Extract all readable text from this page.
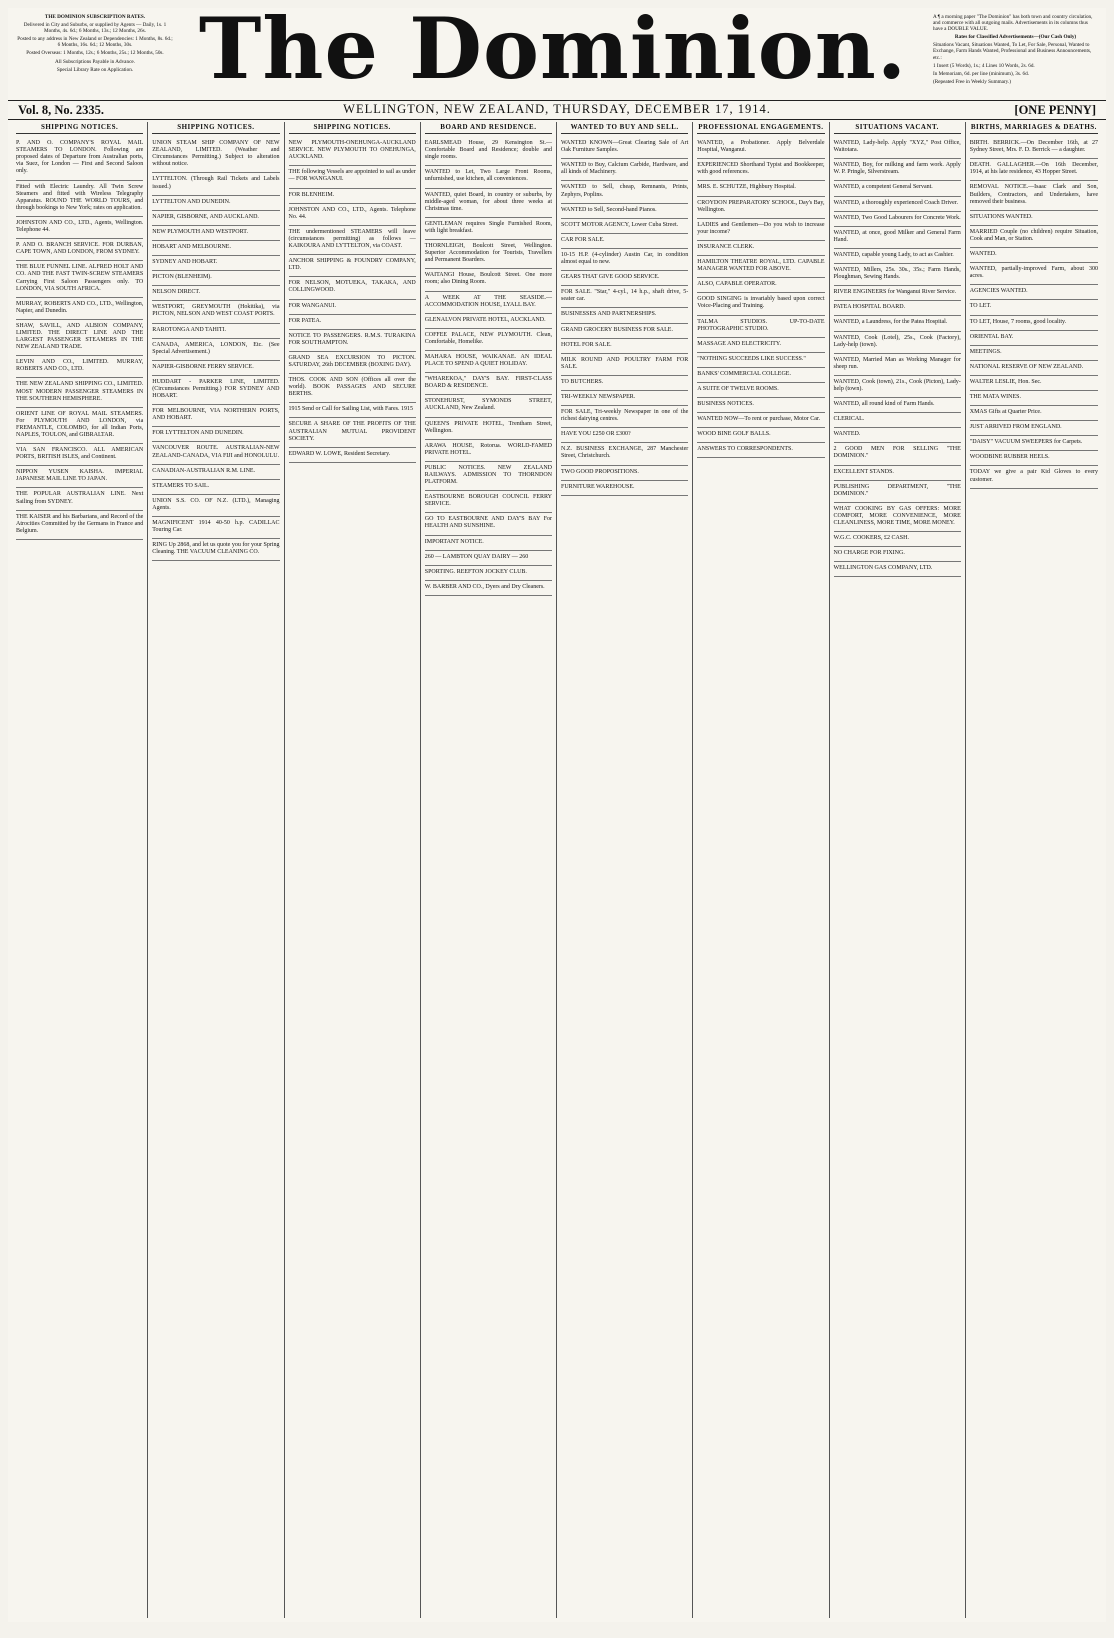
THE DOMINION SUBSCRIPTION RATES.

Delivered in City and Suburbs, or supplied by Agents — Daily, 1s. 1 Months, 4s. 6d.; 6 Months, 13s.; 12 Months, 26s.

Posted to any address in New Zealand or Dependencies: 1 Months, 8s. 6d.; 6 Months, 16s. 6d.; 12 Months, 30s.

Posted Overseas: 1 Months, 12s.; 6 Months, 25s.; 12 Months, 50s.

All Subscriptions Payable in Advance.

Special Library Rate on Application. The Dominion.	A ¶ a morning paper "The Dominion" has both town and country circulation, and commerce with all outgoing mails. Advertisements in its columns thus have a DOUBLE VALUE.

Rates for Classified Advertisements—(Our Cash Only)

Situations Vacant, Situations Wanted, To Let, For Sale, Personal, Wanted to Exchange, Farm Hands Wanted, Professional and Business Announcements, etc.:

1 Insert (5 Words), 1s.; 4 Lines 10 Words, 2s. 6d.

In Memoriam, 6d. per line (minimum), 3s. 6d.

(Repeated Free in Weekly Summary.)

Vol. 8, No. 2335.	WELLINGTON, NEW ZEALAND, THURSDAY, DECEMBER 17, 1914.	[ONE PENNY]
SHIPPING NOTICES.

P. AND O. COMPANY'S ROYAL MAIL STEAMERS TO LONDON. Following are proposed dates of Departure from Australian ports, via Suez, for London — First and Second Saloon only.

Fitted with Electric Laundry. All Twin Screw Steamers and fitted with Wireless Telegraphy Apparatus. ROUND THE WORLD TOURS, and through bookings to New York; rates on application.

JOHNSTON AND CO., LTD., Agents, Wellington. Telephone 44.

P. AND O. BRANCH SERVICE. FOR DURBAN, CAPE TOWN, AND LONDON, FROM SYDNEY.

THE BLUE FUNNEL LINE. ALFRED HOLT AND CO. AND THE FAST TWIN-SCREW STEAMERS Carrying First Saloon Passengers only. TO LONDON, VIA SOUTH AFRICA.

MURRAY, ROBERTS AND CO., LTD., Wellington, Napier, and Dunedin.

SHAW, SAVILL, AND ALBION COMPANY, LIMITED. THE DIRECT LINE AND THE LARGEST PASSENGER STEAMERS IN THE NEW ZEALAND TRADE.

LEVIN AND CO., LIMITED. MURRAY, ROBERTS AND CO., LTD.

THE NEW ZEALAND SHIPPING CO., LIMITED. MOST MODERN PASSENGER STEAMERS IN THE SOUTHERN HEMISPHERE.

ORIENT LINE OF ROYAL MAIL STEAMERS. For PLYMOUTH AND LONDON, via FREMANTLE, COLOMBO, for all Indian Ports, NAPLES, TOULON, and GIBRALTAR.

VIA SAN FRANCISCO. ALL AMERICAN PORTS, BRITISH ISLES, and Continent.

NIPPON YUSEN KAISHA. IMPERIAL JAPANESE MAIL LINE TO JAPAN.

THE POPULAR AUSTRALIAN LINE. Next Sailing from SYDNEY.

THE KAISER and his Barbarians, and Record of the Atrocities Committed by the Germans in France and Belgium.

SHIPPING NOTICES.

UNION STEAM SHIP COMPANY OF NEW ZEALAND, LIMITED. (Weather and Circumstances Permitting.) Subject to alteration without notice.

LYTTELTON. (Through Rail Tickets and Labels issued.)

LYTTELTON AND DUNEDIN.

NAPIER, GISBORNE, AND AUCKLAND.

NEW PLYMOUTH AND WESTPORT.

HOBART AND MELBOURNE.

SYDNEY AND HOBART.

PICTON (BLENHEIM).

NELSON DIRECT.

WESTPORT, GREYMOUTH (Hokitika), via PICTON, NELSON AND WEST COAST PORTS.

RAROTONGA AND TAHITI.

CANADA, AMERICA, LONDON, Etc. (See Special Advertisement.)

NAPIER-GISBORNE FERRY SERVICE.

HUDDART - PARKER LINE, LIMITED. (Circumstances Permitting.) FOR SYDNEY AND HOBART.

FOR MELBOURNE, VIA NORTHERN PORTS, AND HOBART.

FOR LYTTELTON AND DUNEDIN.

VANCOUVER ROUTE. AUSTRALIAN-NEW ZEALAND-CANADA, VIA FIJI and HONOLULU.

CANADIAN-AUSTRALIAN R.M. LINE.

STEAMERS TO SAIL.

UNION S.S. CO. OF N.Z. (LTD.), Managing Agents.

MAGNIFICENT 1914 40-50 h.p. CADILLAC Touring Car.

RING Up 2868, and let us quote you for your Spring Cleaning. THE VACUUM CLEANING CO.

SHIPPING NOTICES.

NEW PLYMOUTH-ONEHUNGA-AUCKLAND SERVICE. NEW PLYMOUTH TO ONEHUNGA, AUCKLAND.

THE following Vessels are appointed to sail as under — FOR WANGANUI.

FOR BLENHEIM.

JOHNSTON AND CO., LTD., Agents. Telephone No. 44.

THE undermentioned STEAMERS will leave (circumstances permitting) as follows — KAIKOURA AND LYTTELTON, via COAST.

ANCHOR SHIPPING & FOUNDRY COMPANY, LTD.

FOR NELSON, MOTUEKA, TAKAKA, AND COLLINGWOOD.

FOR WANGANUI.

FOR PATEA.

NOTICE TO PASSENGERS. R.M.S. TURAKINA FOR SOUTHAMPTON.

GRAND SEA EXCURSION TO PICTON. SATURDAY, 26th DECEMBER (BOXING DAY).

THOS. COOK AND SON (Offices all over the world). BOOK PASSAGES AND SECURE BERTHS.

1915 Send or Call for Sailing List, with Fares. 1915

SECURE A SHARE OF THE PROFITS OF THE AUSTRALIAN MUTUAL PROVIDENT SOCIETY.

EDWARD W. LOWE, Resident Secretary.

BOARD AND RESIDENCE.

EARLSMEAD House, 29 Kensington St.—Comfortable Board and Residence; double and single rooms.

WANTED to Let, Two Large Front Rooms, unfurnished, use kitchen, all conveniences.

WANTED, quiet Board, in country or suburbs, by middle-aged woman, for about three weeks at Christmas time.

GENTLEMAN requires Single Furnished Room, with light breakfast.

THORNLEIGH, Boulcott Street, Wellington. Superior Accommodation for Tourists, Travellers and Permanent Boarders.

WAITANGI House, Boulcott Street. One more room; also Dining Room.

A WEEK AT THE SEASIDE.—ACCOMMODATION HOUSE, LYALL BAY.

GLENALVON PRIVATE HOTEL, AUCKLAND.

COFFEE PALACE, NEW PLYMOUTH. Clean, Comfortable, Homelike.

MAHARA HOUSE, WAIKANAE. AN IDEAL PLACE TO SPEND A QUIET HOLIDAY.

"WHAREKOA," DAY'S BAY. FIRST-CLASS BOARD & RESIDENCE.

STONEHURST, SYMONDS STREET, AUCKLAND, New Zealand.

QUEEN'S PRIVATE HOTEL, Trentham Street, Wellington.

ARAWA HOUSE, Rotorua. WORLD-FAMED PRIVATE HOTEL.

PUBLIC NOTICES. NEW ZEALAND RAILWAYS. ADMISSION TO THORNDON PLATFORM.

EASTBOURNE BOROUGH COUNCIL FERRY SERVICE.

GO TO EASTBOURNE AND DAY'S BAY For HEALTH AND SUNSHINE.

IMPORTANT NOTICE.

260 — LAMBTON QUAY DAIRY — 260

SPORTING. REEFTON JOCKEY CLUB.

W. BARBER AND CO., Dyers and Dry Cleaners.

WANTED TO BUY AND SELL.

WANTED KNOWN—Great Clearing Sale of Art Oak Furniture Samples.

WANTED to Buy, Calcium Carbide, Hardware, and all kinds of Machinery.

WANTED to Sell, cheap, Remnants, Prints, Zephyrs, Poplins.

WANTED to Sell, Second-hand Pianos.

SCOTT MOTOR AGENCY, Lower Cuba Street.

CAR FOR SALE.

10-15 H.P. (4-cylinder) Austin Car, in condition almost equal to new.

GEARS THAT GIVE GOOD SERVICE.

FOR SALE. "Star," 4-cyl., 14 h.p., shaft drive, 5-seater car.

BUSINESSES AND PARTNERSHIPS.

GRAND GROCERY BUSINESS FOR SALE.

HOTEL FOR SALE.

MILK ROUND AND POULTRY FARM FOR SALE.

TO BUTCHERS.

TRI-WEEKLY NEWSPAPER.

FOR SALE, Tri-weekly Newspaper in one of the richest dairying centres.

HAVE YOU £250 OR £300?

N.Z. BUSINESS EXCHANGE, 287 Manchester Street, Christchurch.

TWO GOOD PROPOSITIONS.

FURNITURE WAREHOUSE.

PROFESSIONAL ENGAGEMENTS.

WANTED, a Probationer. Apply Belverdale Hospital, Wanganui.

EXPERIENCED Shorthand Typist and Bookkeeper, with good references.

MRS. E. SCHUTZE, Highbury Hospital.

CROYDON PREPARATORY SCHOOL, Day's Bay, Wellington.

LADIES and Gentlemen—Do you wish to increase your income?

INSURANCE CLERK.

HAMILTON THEATRE ROYAL, LTD. CAPABLE MANAGER WANTED FOR ABOVE.

ALSO, CAPABLE OPERATOR.

GOOD SINGING is invariably based upon correct Voice-Placing and Training.

TALMA STUDIOS. UP-TO-DATE PHOTOGRAPHIC STUDIO.

MASSAGE AND ELECTRICITY.

"NOTHING SUCCEEDS LIKE SUCCESS."

BANKS' COMMERCIAL COLLEGE.

A SUITE OF TWELVE ROOMS.

BUSINESS NOTICES.

WANTED NOW—To rent or purchase, Motor Car.

WOOD BINE GOLF BALLS.

ANSWERS TO CORRESPONDENTS.

SITUATIONS VACANT.

WANTED, Lady-help. Apply "XYZ," Post Office, Waitotara.

WANTED, Boy, for milking and farm work. Apply W. P. Pringle, Silverstream.

WANTED, a competent General Servant.

WANTED, a thoroughly experienced Coach Driver.

WANTED, Two Good Labourers for Concrete Work.

WANTED, at once, good Milker and General Farm Hand.

WANTED, capable young Lady, to act as Cashier.

WANTED, Millers, 25s. 30s., 35s.; Farm Hands, Ploughman, Sewing Hands.

RIVER ENGINEERS for Wanganui River Service.

PATEA HOSPITAL BOARD.

WANTED, a Laundress, for the Patea Hospital.

WANTED, Cook (Lotel), 25s., Cook (Factory), Lady-help (town).

WANTED, Married Man as Working Manager for sheep run.

WANTED, Cook (town), 21s., Cook (Picton), Lady-help (town).

WANTED, all round kind of Farm Hands.

CLERICAL.

WANTED.

2 GOOD MEN FOR SELLING "THE DOMINION."

EXCELLENT STANDS.

PUBLISHING DEPARTMENT, "THE DOMINION."

WHAT COOKING BY GAS OFFERS: MORE COMFORT, MORE CONVENIENCE, MORE CLEANLINESS, MORE TIME, MORE MONEY.

W.G.C. COOKERS, £2 CASH.

NO CHARGE FOR FIXING.

WELLINGTON GAS COMPANY, LTD.

BIRTHS, MARRIAGES & DEATHS.

BIRTH. BERRICK.—On December 16th, at 27 Sydney Street, Mrs. F. D. Berrick — a daughter.

DEATH. GALLAGHER.—On 16th December, 1914, at his late residence, 43 Hopper Street.

REMOVAL NOTICE.—Isaac Clark and Son, Builders, Contractors, and Undertakers, have removed their business.

SITUATIONS WANTED.

MARRIED Couple (no children) require Situation, Cook and Man, or Station.

WANTED.

WANTED, partially-improved Farm, about 300 acres.

AGENCIES WANTED.

TO LET.

TO LET, House, 7 rooms, good locality.

ORIENTAL BAY.

MEETINGS.

NATIONAL RESERVE OF NEW ZEALAND.

WALTER LESLIE, Hon. Sec.

THE MATA WINES.

XMAS Gifts at Quarter Price.

JUST ARRIVED FROM ENGLAND.

"DAISY" VACUUM SWEEPERS for Carpets.

WOODBINE RUBBER HEELS.

TODAY we give a pair Kid Gloves to every customer.
